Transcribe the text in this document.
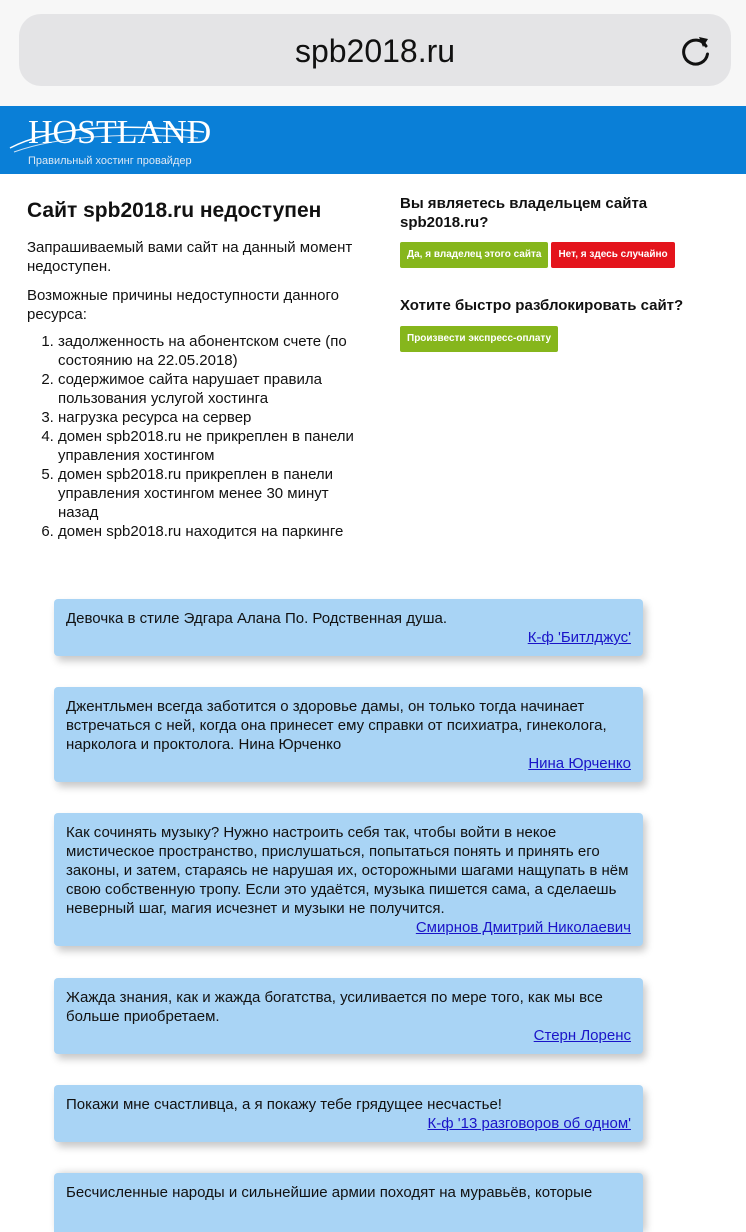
spb2018.ru
HOSTLAND
Правильный хостинг провайдер
Сайт spb2018.ru недоступен

Запрашиваемый вами сайт на данный момент недоступен.

Возможные причины недоступности данного ресурса:

1. задолженность на абонентском счете (по состоянию на 22.05.2018)
2. содержимое сайта нарушает правила пользования услугой хостинга
3. нагрузка ресурса на сервер
4. домен spb2018.ru не прикреплен в панели управления хостингом
5. домен spb2018.ru прикреплен в панели управления хостингом менее 30 минут назад
6. домен spb2018.ru находится на паркинге
Вы являетесь владельцем сайта spb2018.ru?
Да, я владелец этого сайта	Нет, я здесь случайно
Хотите быстро разблокировать сайт?
Произвести экспресс-оплату

Девочка в стиле Эдгара Алана По. Родственная душа.

К-ф 'Битлджус'

Джентльмен всегда заботится о здоровье дамы, он только тогда начинает встречаться с ней, когда она принесет ему справки от психиатра, гинеколога, нарколога и проктолога. Нина Юрченко

Нина Юрченко

Как сочинять музыку? Нужно настроить себя так, чтобы войти в некое мистическое пространство, прислушаться, попытаться понять и принять его законы, и затем, стараясь не нарушая их, осторожными шагами нащупать в нём свою собственную тропу. Если это удаётся, музыка пишется сама, а сделаешь неверный шаг, магия исчезнет и музыки не получится.

Смирнов Дмитрий Николаевич

Жажда знания, как и жажда богатства, усиливается по мере того, как мы все больше приобретаем.

Стерн Лоренс

Покажи мне счастливца, а я покажу тебе грядущее несчастье!

К-ф '13 разговоров об одном'

Бесчисленные народы и сильнейшие армии походят на муравьёв, которые
